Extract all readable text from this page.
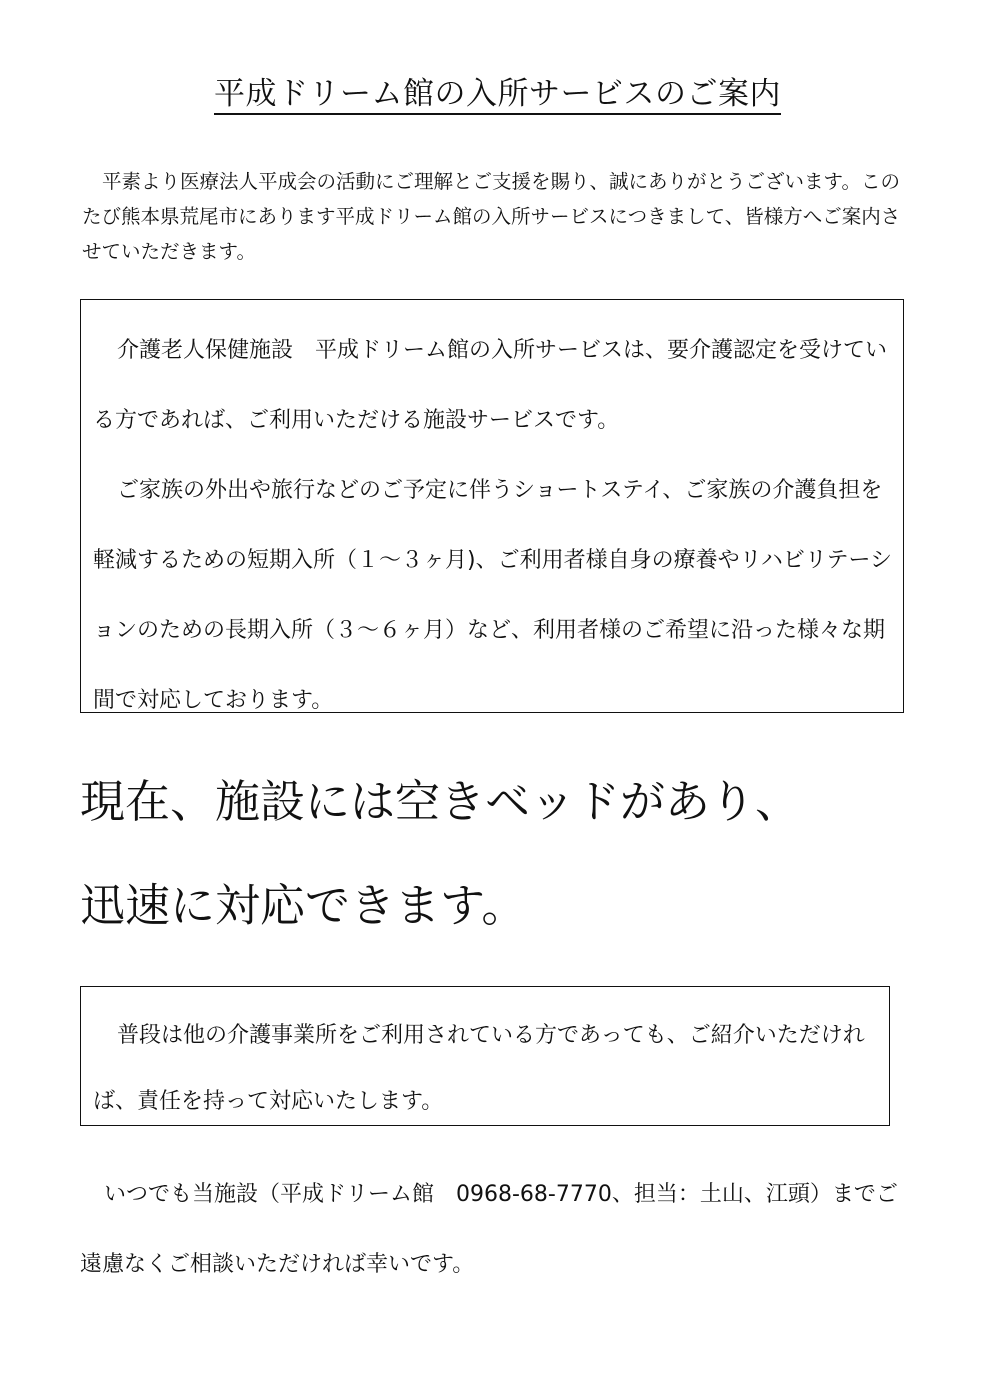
平成ドリーム館の入所サービスのご案内

平素より医療法人平成会の活動にご理解とご支援を賜り、誠にありがとうございます。このたび熊本県荒尾市にあります平成ドリーム館の入所サービスにつきまして、皆様方へご案内させていただきます。

介護老人保健施設　平成ドリーム館の入所サービスは、要介護認定を受けている方であれば、ご利用いただける施設サービスです。

ご家族の外出や旅行などのご予定に伴うショートステイ、ご家族の介護負担を軽減するための短期入所（１～３ヶ月)、ご利用者様自身の療養やリハビリテーションのための長期入所（３～６ヶ月）など、利用者様のご希望に沿った様々な期間で対応しております。

現在、施設には空きベッドがあり、
迅速に対応できます。

普段は他の介護事業所をご利用されている方であっても、ご紹介いただければ、責任を持って対応いたします。

いつでも当施設（平成ドリーム館　0968-68-7770、担当：土山、江頭）までご遠慮なくご相談いただければ幸いです。
